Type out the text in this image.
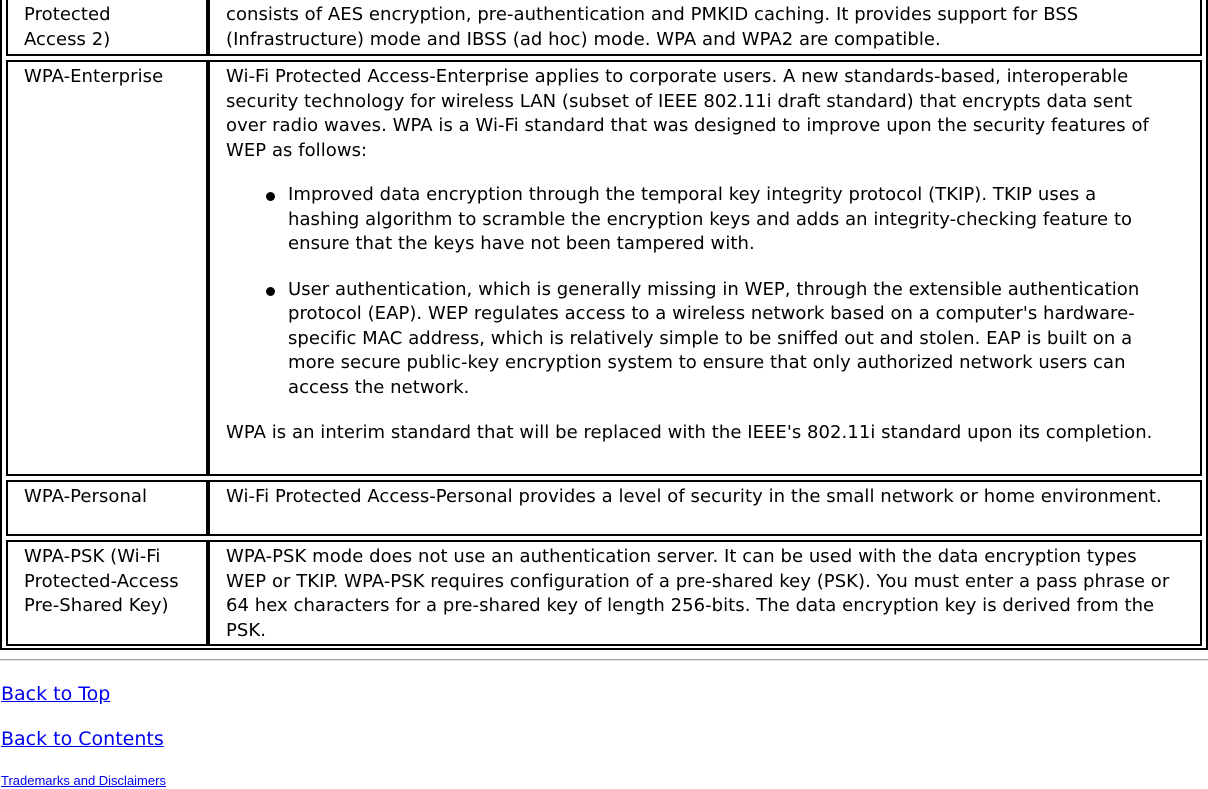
Protected Access 2)

consists of AES encryption, pre-authentication and PMKID caching. It provides support for BSS (Infrastructure) mode and IBSS (ad hoc) mode. WPA and WPA2 are compatible.

WPA-Enterprise	Wi-Fi Protected Access-Enterprise applies to corporate users. A new standards-based, interoperable security technology for wireless LAN (subset of IEEE 802.11i draft standard) that encrypts data sent over radio waves. WPA is a Wi-Fi standard that was designed to improve upon the security features of WEP as follows:

Improved data encryption through the temporal key integrity protocol (TKIP). TKIP uses a hashing algorithm to scramble the encryption keys and adds an integrity-checking feature to ensure that the keys have not been tampered with.
User authentication, which is generally missing in WEP, through the extensible authentication protocol (EAP). WEP regulates access to a wireless network based on a computer's hardware-specific MAC address, which is relatively simple to be sniffed out and stolen. EAP is built on a more secure public-key encryption system to ensure that only authorized network users can access the network.

WPA is an interim standard that will be replaced with the IEEE's 802.11i standard upon its completion.

WPA-Personal	Wi-Fi Protected Access-Personal provides a level of security in the small network or home environment.

WPA-PSK (Wi-Fi Protected-Access Pre-Shared Key)

WPA-PSK mode does not use an authentication server. It can be used with the data encryption types WEP or TKIP. WPA-PSK requires configuration of a pre-shared key (PSK). You must enter a pass phrase or 64 hex characters for a pre-shared key of length 256-bits. The data encryption key is derived from the PSK.

Back to Top
Back to Contents
Trademarks and Disclaimers
